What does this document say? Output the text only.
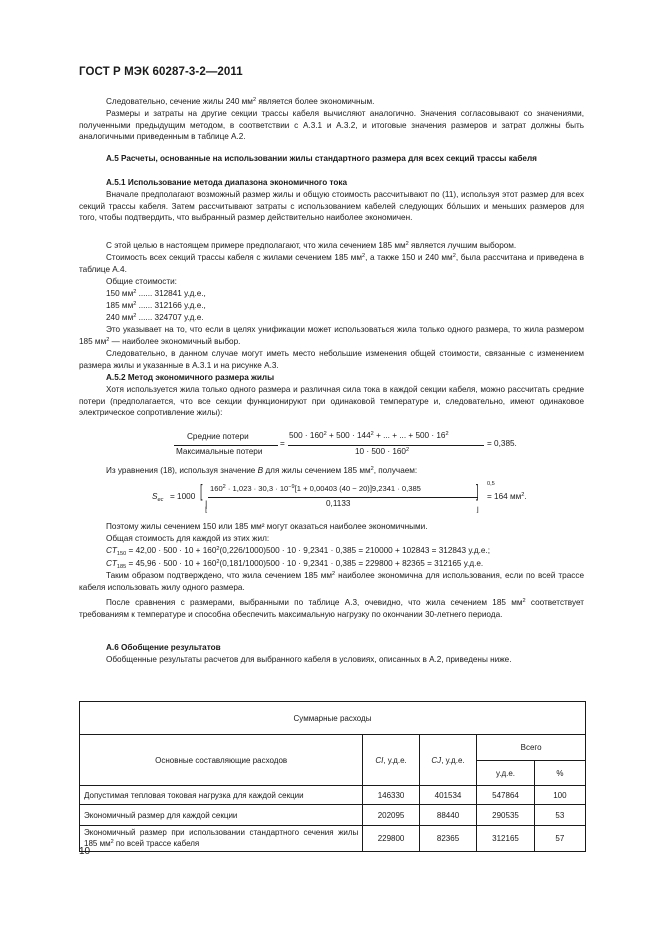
ГОСТ Р МЭК 60287-3-2—2011
Следовательно, сечение жилы 240 $мм^2$ является более экономичным.
Размеры и затраты на другие секции трассы кабеля вычисляют аналогично. Значения согласовывают со значениями, полученными предыдущим методом, в соответствии с А.3.1 и А.3.2, и итоговые значения размеров и затрат должны быть аналогичными приведенным в таблице А.2.
А.5 Расчеты, основанные на использовании жилы стандартного размера для всех секций трассы кабеля
А.5.1 Использование метода диапазона экономичного тока
Вначале предполагают возможный размер жилы и общую стоимость рассчитывают по (11), используя этот размер для всех секций трассы кабеля. Затем рассчитывают затраты с использованием кабелей следующих бо́льших и меньших размеров для того, чтобы подтвердить, что выбранный размер действительно наиболее экономичен.
С этой целью в настоящем примере предполагают, что жила сечением 185 $мм^2$ является лучшим выбором.
Стоимость всех секций трассы кабеля с жилами сечением 185 $мм^2$, а также 150 и 240 $мм^2$, была рассчитана и приведена в таблице А.4.
Общие стоимости:
150 $мм^2$ ...... 312841 у.д.е.,
185 $мм^2$ ...... 312166 у.д.е.,
240 $мм^2$ ...... 324707 у.д.е.
Это указывает на то, что если в целях унификации может использоваться жила только одного размера, то жила размером 185 $мм^2$ — наиболее экономичный выбор.
Следовательно, в данном случае могут иметь место небольшие изменения общей стоимости, связанные с изменением размера жилы и указанные в А.3.1 и на рисунке А.3.
А.5.2 Метод экономичного размера жилы
Хотя используется жила только одного размера и различная сила тока в каждой секции кабеля, можно рассчитать средние потери (предполагается, что все секции функционируют при одинаковой температуре и, следовательно, имеют одинаковое электрическое сопротивление жилы):
Средние потери
Максимальные потери
=
$500 \cdot 160^2 + 500 \cdot 144^2$ + ... + ... + $500 \cdot 16^2$
$10 \cdot 500 \cdot 160^2$
= 0,385.
Из уравнения (18), используя значение B для жилы сечением 185 $мм^2$, получаем:
$S_{ec} = 1000$ [
|
⌊
$160^2 \cdot 1,023 \cdot 30,3 \cdot 10^{-9}[1 + 0,00403$ (40 − 20)]9,2341 · 0,385
0,1133
]
⌋
0,5
= 164 $мм^2$.
Поэтому жилы сечением 150 или 185 мм² могут оказаться наиболее экономичными.
Общая стоимость для каждой из этих жил:
$CT_{150} = 42,00 \cdot 500 \cdot 10 + 160^2(0,226/1000)500 \cdot 10 \cdot 9,2341 \cdot 0,385 = 210000 + 102843 = 312843$ у.д.е.;
$CT_{185} = 45,96 \cdot 500 \cdot 10 + 160^2(0,181/1000)500 \cdot 10 \cdot 9,2341 \cdot 0,385 = 229800 + 82365 = 312165$ у.д.е.
Таким образом подтверждено, что жила сечением 185 $мм^2$ наиболее экономична для использования, если по всей трассе кабеля использовать жилу одного размера.
После сравнения с размерами, выбранными по таблице А.3, очевидно, что жила сечением 185 $мм^2$ соответствует требованиям к температуре и способна обеспечить максимальную нагрузку по окончании 30-летнего периода.
А.6 Обобщение результатов
Обобщенные результаты расчетов для выбранного кабеля в условиях, описанных в А.2, приведены ниже.
Суммарные расходы				
Основные составляющие расходов	CI, у.д.е.	CJ, у.д.е.	Всего	
			у.д.е.	%
Допустимая тепловая токовая нагрузка для каждой секции	146330	401534	547864	100
Экономичный размер для каждой секции	202095	88440	290535	53
Экономичный размер при использовании стандартного сечения жилы 185 $мм^2$ по всей трассе кабеля	229800	82365	312165	57
10
